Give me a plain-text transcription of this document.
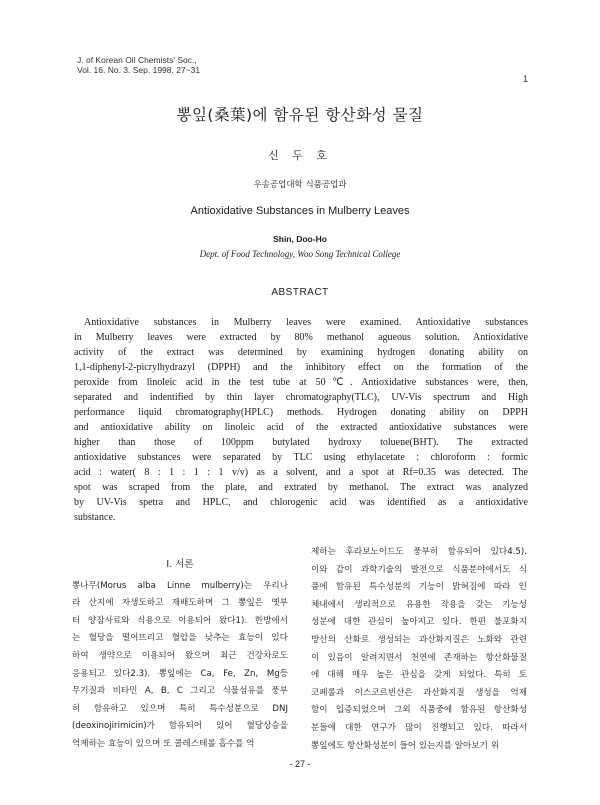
J. of Korean Oil Chemists' Soc.,
Vol. 16. No. 3. Sep. 1998. 27~31
1
뽕잎(桑葉)에 함유된 항산화성 물질
신 두 호
우송공업대학 식품공업과
Antioxidative Substances in Mulberry Leaves
Shin, Doo-Ho
Dept. of Food Technology, Woo Song Technical College
ABSTRACT
Antioxidative substances in Mulberry leaves were examined. Antioxidative substances
in Mulberry leaves were extracted by 80% methanol agueous solution. Antioxidative
activity of the extract was determined by examining hydrogen donating ability on
1,1-diphenyl-2-picrylhydrazyl (DPPH) and the inhibitory effect on the formation of the
peroxide from linoleic acid in the test tube at 50℃. Antioxidative substances were, then,
separated and indentified by thin layer chromatography(TLC), UV-Vis spectrum and High
performance liquid chromatography(HPLC) methods. Hydrogen donating ability on DPPH
and antioxidative ability on linoleic acid of the extracted antioxidative substances were
higher than those of 100ppm butylated hydroxy toluene(BHT). The extracted
antioxidative substances were separated by TLC using ethylacetate : chloroform : formic
acid : water( 8 : 1 : 1 : 1 v/v) as a solvent, and a spot at Rf=0.35 was detected. The
spot was scraped from the plate, and extrated by methanol. The extract was analyzed
by UV-Vis spetra and HPLC, and chlorogenic acid was identified as a antioxidative
substance.
Ⅰ. 서론
뽕나무(Morus alba Linne mulberry)는 우리나
라 산지에 자생도하고 재배도하며 그 뽕잎은 옛부
터 양잠사료와 식용으로 이용되어 왔다1). 한방에서
는 혈당을 떨어뜨리고 혈압을 낮추는 효능이 있다
하여 생약으로 이용되어 왔으며 최근 건강차로도
응용되고 있다2.3). 뽕잎에는 Ca, Fe, Zn, Mg등
무기질과 비타민 A, B, C 그리고 식물섬유를 풍부
히 함유하고 있으며 특히 특수성분으로 DNJ
(deoxinojirimicin)가 함유되어 있어 혈당상승을
억제하는 효능이 있으며 또 콜레스테롤 흡수를 억
제하는 후라보노이드도 풍부히 함유되어 있다4.5).
이와 같이 과학기술의 발전으로 식품분야에서도 식
품에 함유된 특수성분의 기능이 밝혀짐에 따라 인
체내에서 생리적으로 유용한 작용을 갖는 기능성
성분에 대한 관심이 높아지고 있다. 한편 불포화지
방산의 산화로 생성되는 과산화지질은 노화와 관련
이 있음이 알려지면서 천연에 존재하는 항산화물질
에 대해 매우 높은 관심을 갖게 되었다. 특히 토
코페롤과 이스코르빈산은 과산화지질 생성을 억제
함이 입증되었으며 그외 식품중에 함유된 항산화성
분들에 대한 연구가 많이 진행되고 있다. 따라서
뽕잎에도 항산화성분이 들어 있는지를 알아보기 위
- 27 -
